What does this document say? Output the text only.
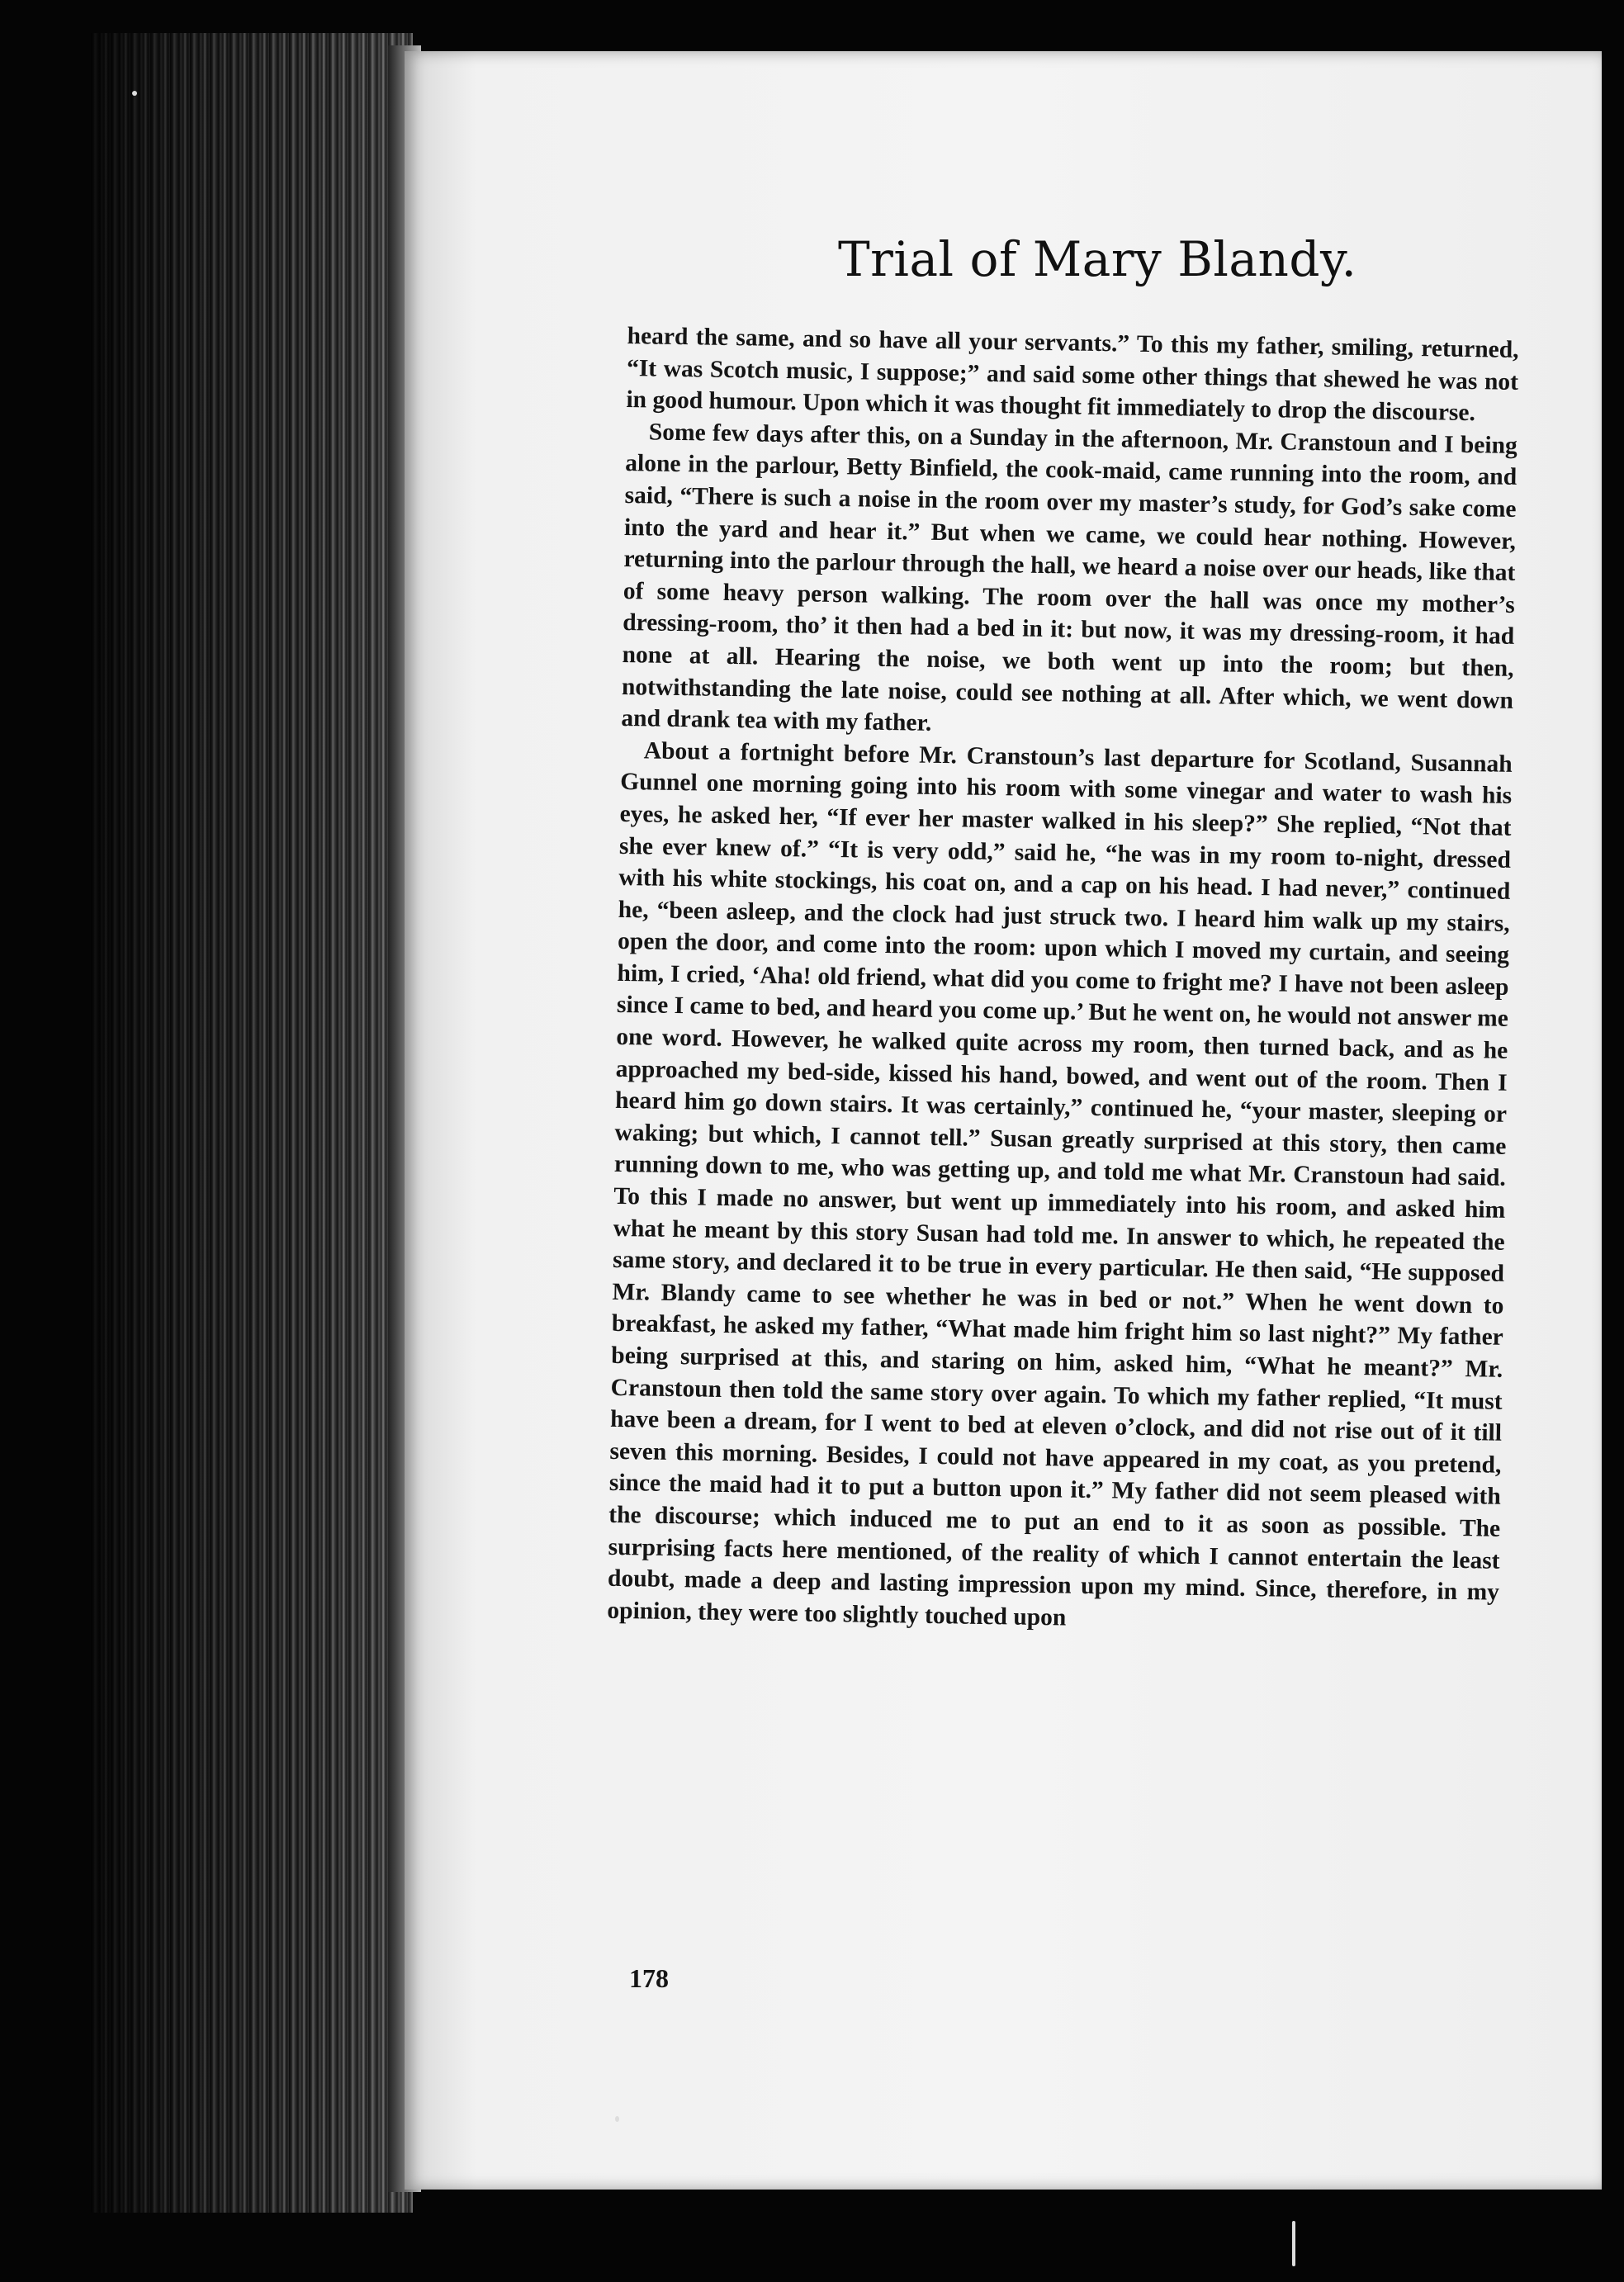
Trial of Mary Blandy.

heard the same, and so have all your servants.” To this my father, smiling, returned, “It was Scotch music, I suppose;” and said some other things that shewed he was not in good humour. Upon which it was thought fit immediately to drop the discourse.

Some few days after this, on a Sunday in the afternoon, Mr. Cranstoun and I being alone in the parlour, Betty Binfield, the cook-maid, came running into the room, and said, “There is such a noise in the room over my master’s study, for God’s sake come into the yard and hear it.” But when we came, we could hear nothing. However, returning into the parlour through the hall, we heard a noise over our heads, like that of some heavy person walking. The room over the hall was once my mother’s dressing-room, tho’ it then had a bed in it: but now, it was my dressing-room, it had none at all. Hearing the noise, we both went up into the room; but then, notwithstanding the late noise, could see nothing at all. After which, we went down and drank tea with my father.

About a fortnight before Mr. Cranstoun’s last departure for Scotland, Susannah Gunnel one morning going into his room with some vinegar and water to wash his eyes, he asked her, “If ever her master walked in his sleep?” She replied, “Not that she ever knew of.” “It is very odd,” said he, “he was in my room to-night, dressed with his white stockings, his coat on, and a cap on his head. I had never,” continued he, “been asleep, and the clock had just struck two. I heard him walk up my stairs, open the door, and come into the room: upon which I moved my curtain, and seeing him, I cried, ‘Aha! old friend, what did you come to fright me? I have not been asleep since I came to bed, and heard you come up.’ But he went on, he would not answer me one word. However, he walked quite across my room, then turned back, and as he approached my bed-side, kissed his hand, bowed, and went out of the room. Then I heard him go down stairs. It was certainly,” continued he, “your master, sleeping or waking; but which, I cannot tell.” Susan greatly surprised at this story, then came running down to me, who was getting up, and told me what Mr. Cranstoun had said. To this I made no answer, but went up immediately into his room, and asked him what he meant by this story Susan had told me. In answer to which, he repeated the same story, and declared it to be true in every particular. He then said, “He supposed Mr. Blandy came to see whether he was in bed or not.” When he went down to breakfast, he asked my father, “What made him fright him so last night?” My father being surprised at this, and staring on him, asked him, “What he meant?” Mr. Cranstoun then told the same story over again. To which my father replied, “It must have been a dream, for I went to bed at eleven o’clock, and did not rise out of it till seven this morning. Besides, I could not have appeared in my coat, as you pretend, since the maid had it to put a button upon it.” My father did not seem pleased with the discourse; which induced me to put an end to it as soon as possible. The surprising facts here mentioned, of the reality of which I cannot entertain the least doubt, made a deep and lasting impression upon my mind. Since, therefore, in my opinion, they were too slightly touched upon

178
